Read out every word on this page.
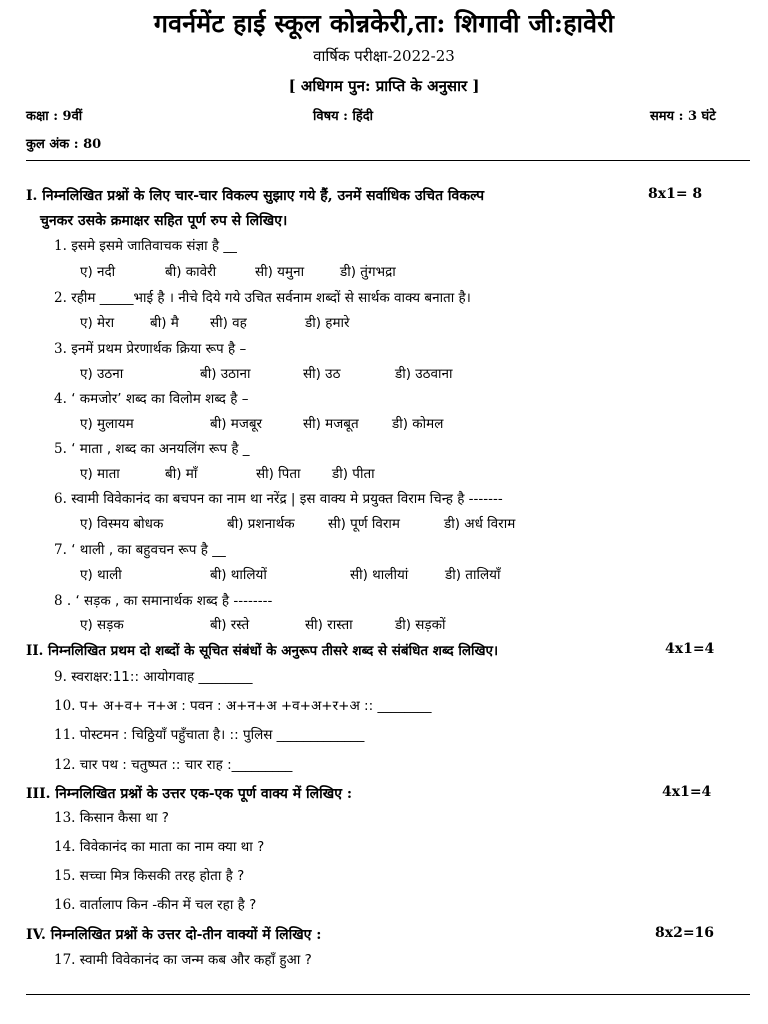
गवर्नमेंट हाई स्कूल कोन्नकेरी,ता: शिगावी जी:हावेरी
वार्षिक परीक्षा-2022-23
[ अधिगम पुन: प्राप्ति के अनुसार ]
कक्षा : 9वीं	विषय : हिंदी	समय : 3 घंटे
कुल अंक : 80
I. निम्नलिखित प्रश्नों के लिए चार-चार विकल्प सुझाए गये हैं, उनमें सर्वाधिक उचित विकल्प	8x1= 8
चुनकर उसके क्रमाक्षर सहित पूर्ण रुप से लिखिए।
1. इसमे इसमे जातिवाचक संज्ञा है __
ए) नदी	बी) कावेरी	सी) यमुना	डी) तुंगभद्रा
2. रहीम _____भाई है । नीचे दिये गये उचित सर्वनाम शब्दों से सार्थक वाक्य बनाता है।
ए) मेरा	बी) मै सी) वह	डी) हमारे
3. इनमें प्रथम प्रेरणार्थक क्रिया रूप है –
ए) उठना	बी) उठाना	सी) उठ	डी) उठवाना
4. ‘ कमजोर’ शब्द का विलोम शब्द है –
ए) मुलायम	बी) मजबूर	सी) मजबूत डी) कोमल
5. ‘ माता , शब्द का अनयलिंग रूप है _
ए) माता	बी) माँ	सी) पिता डी) पीता
6. स्वामी विवेकानंद का बचपन का नाम था नरेंद्र | इस वाक्य मे प्रयुक्त विराम चिन्ह है -------
ए) विस्मय बोधक	बी) प्रशनार्थक सी) पूर्ण विराम	डी) अर्ध विराम
7. ‘ थाली , का बहुवचन रूप है __
ए) थाली	बी) थालियों	सी) थालीयां	डी) तालियाँ
8 . ‘ सड़क , का समानार्थक शब्द है --------
ए) सड़क	बी) रस्ते	सी) रास्ता	डी) सड़कों
II. निम्नलिखित प्रथम दो शब्दों के सूचित संबंधों के अनुरूप तीसरे शब्द से संबंधित शब्द लिखिए।	4x1=4
9. स्वराक्षर:11:: आयोगवाह ________
10. प+ अ+व+ न+अ : पवन : अ+न+अ +व+अ+र+अ :: ________
11. पोस्टमन : चिठ्ठियाँ पहुँचाता है। :: पुलिस _____________
12. चार पथ : चतुष्पत :: चार राह :_________
III. निम्नलिखित प्रश्नों के उत्तर एक-एक पूर्ण वाक्य में लिखिए :	4x1=4
13. किसान कैसा था ?
14. विवेकानंद का माता का नाम क्या था ?
15. सच्चा मित्र किसकी तरह होता है ?
16. वार्तालाप किन -कीन में चल रहा है ?
IV. निम्नलिखित प्रश्नों के उत्तर दो-तीन वाक्यों में लिखिए :	8x2=16
17. स्वामी विवेकानंद का जन्म कब और कहाँ हुआ ?
